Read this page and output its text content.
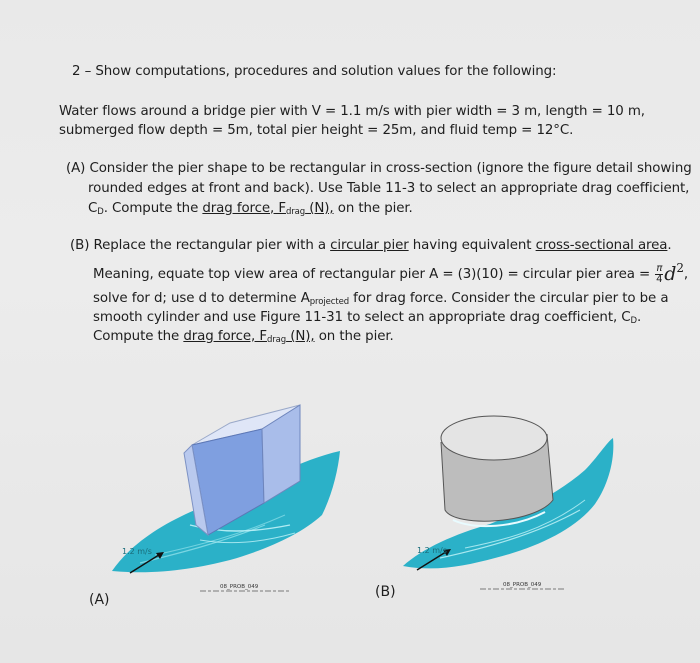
2 – Show computations, procedures and solution values for the following:
Water flows around a bridge pier with V = 1.1 m/s with pier width = 3 m, length = 10 m,
submerged flow depth = 5m, total pier height = 25m, and fluid temp = 12°C.
(A) Consider the pier shape to be rectangular in cross-section (ignore the figure detail showing
rounded edges at front and back). Use Table 11-3 to select an appropriate drag coefficient,
$C_D$. Compute the drag force, $F_{drag}$ (N), on the pier.
(B) Replace the rectangular pier with a circular pier having equivalent cross-sectional area.
Meaning, equate top view area of rectangular pier A = (3)(10) = circular pier area = $\frac{\pi}{4} d^2$,
solve for d; use d to determine $A_{projected}$ for drag force. Consider the circular pier to be a
smooth cylinder and use Figure 11-31 to select an appropriate drag coefficient, $C_D$.
Compute the drag force, $F_{drag}$ (N), on the pier.
1.2 m/s
08_PROB_049
1.2 m/s
08_PROB_049
(A)	(B)
